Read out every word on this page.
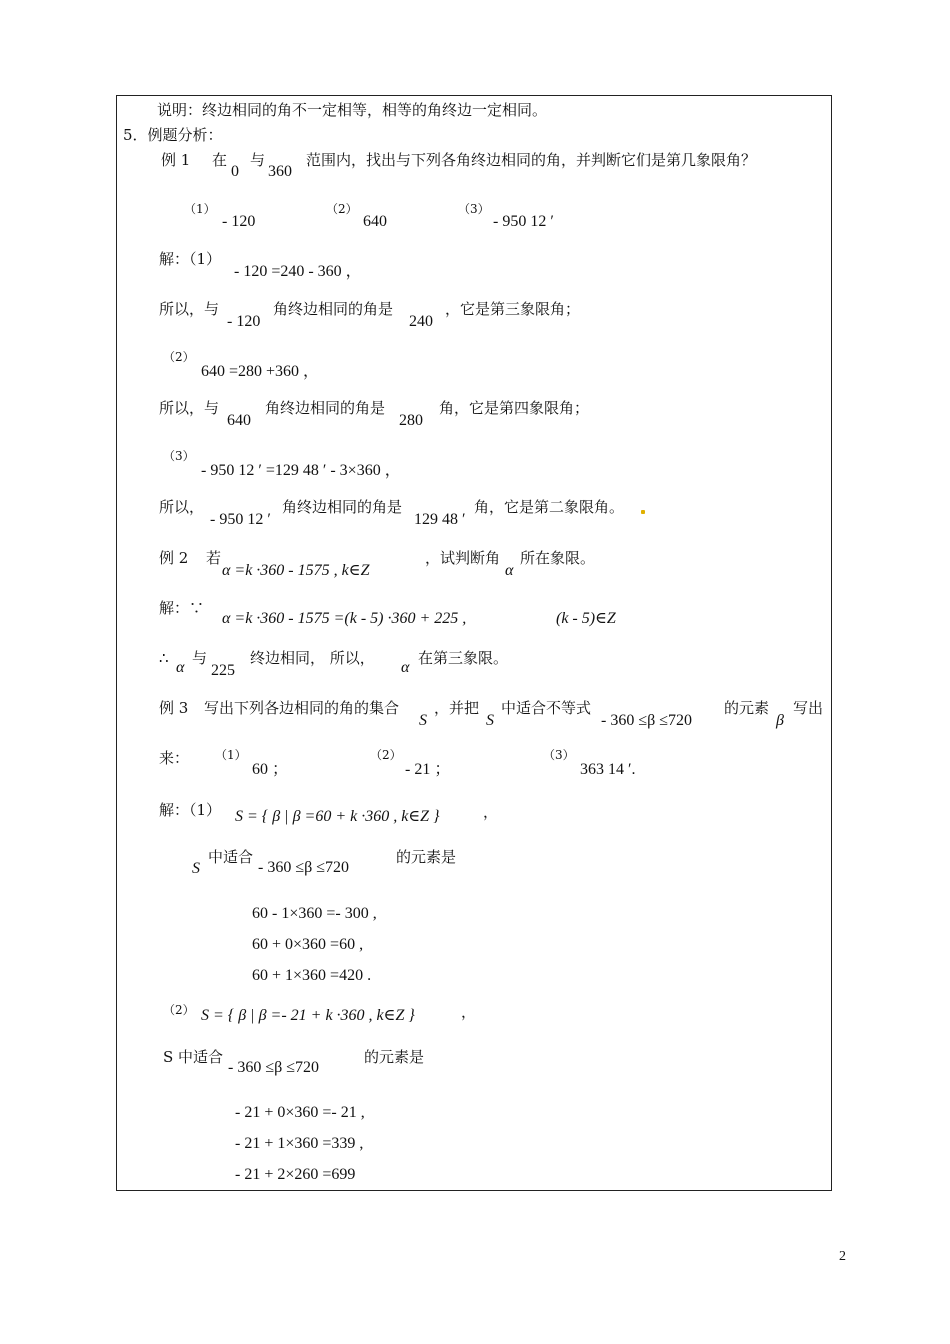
说明：终边相同的角不一定相等，相等的角终边一定相同。
5．例题分析：
例 1 在
0
与
360
范围内，找出与下列各角终边相同的角，并判断它们是第几象限角？
（1）
- 120
（2）
640
（3）
- 950 12 ′
解：（1）
- 120 =240 - 360 ，
所以，与
- 120
角终边相同的角是
240
，它是第三象限角；
（2）
640 =280 +360 ，
所以，与
640
角终边相同的角是
280
角，它是第四象限角；
（3）
- 950 12 ′ =129 48 ′ - 3×360 ，
所以，
- 950 12 ′
角终边相同的角是
129 48 ′
角，它是第二象限角。
例 2 若
α =k ·360 - 1575 , k∈Z
，试判断角
α
所在象限。
解：∵
α =k ·360 - 1575 =(k - 5) ·360 + 225 ,	(k - 5)∈Z
∴
α
与
225
终边相同， 所以，
α
在第三象限。
例 3 写出下列各边相同的角的集合
S
，并把
S
中适合不等式
- 360 ≤β ≤720
的元素
β
写出
来： （1）
60 ；
（2）
- 21 ；
（3）
363 14 ′.
解：（1） S = { β | β =60 + k ·360 , k∈Z }	，
S
中适合
- 360 ≤β ≤720
的元素是
60 - 1×360 =- 300 ,
60 + 0×360 =60 ,
60 + 1×360 =420 .
（2） S = { β | β =- 21 + k ·360 , k∈Z }	，
S 中适合
- 360 ≤β ≤720
的元素是
- 21 + 0×360 =- 21 ,
- 21 + 1×360 =339 ,
- 21 + 2×260 =699
2
